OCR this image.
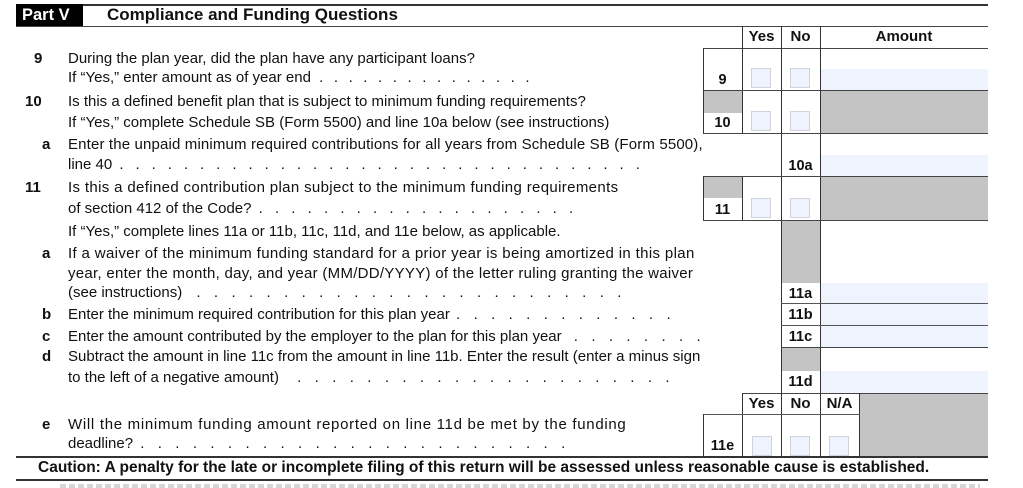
Part V	Compliance and Funding Questions
Yes	No	Amount
9 During the plan year, did the plan have any participant loans?
If “Yes,” enter amount as of year end . . . . . . . . . . . . . . .	9
10 Is this a defined benefit plan that is subject to minimum funding requirements?
If “Yes,” complete Schedule SB (Form 5500) and line 10a below (see instructions)	10
a Enter the unpaid minimum required contributions for all years from Schedule SB (Form 5500),
line 40 . . . . . . . . . . . . . . . . . . . . . . . . . . . . . . . . .	10a
11 Is this a defined contribution plan subject to the minimum funding requirements
of section 412 of the Code? . . . . . . . . . . . . . . . . . . . .	11
If “Yes,” complete lines 11a or 11b, 11c, 11d, and 11e below, as applicable.
a If a waiver of the minimum funding standard for a prior year is being amortized in this plan
year, enter the month, day, and year (MM/DD/YYYY) of the letter ruling granting the waiver
(see instructions) . . . . . . . . . . . . . . . . . . . . . . . . .	11a
b Enter the minimum required contribution for this plan year . . . . . . . . . . . . .	11b
c Enter the amount contributed by the employer to the plan for this plan year . . . . . . . .	11c
d Subtract the amount in line 11c from the amount in line 11b. Enter the result (enter a minus sign
to the left of a negative amount) . . . . . . . . . . . . . . . . . . . . . .	11d
Yes	No	N/A
e Will the minimum funding amount reported on line 11d be met by the funding
deadline? . . . . . . . . . . . . . . . . . . . . . . . . .	11e
Caution: A penalty for the late or incomplete filing of this return will be assessed unless reasonable cause is established.
